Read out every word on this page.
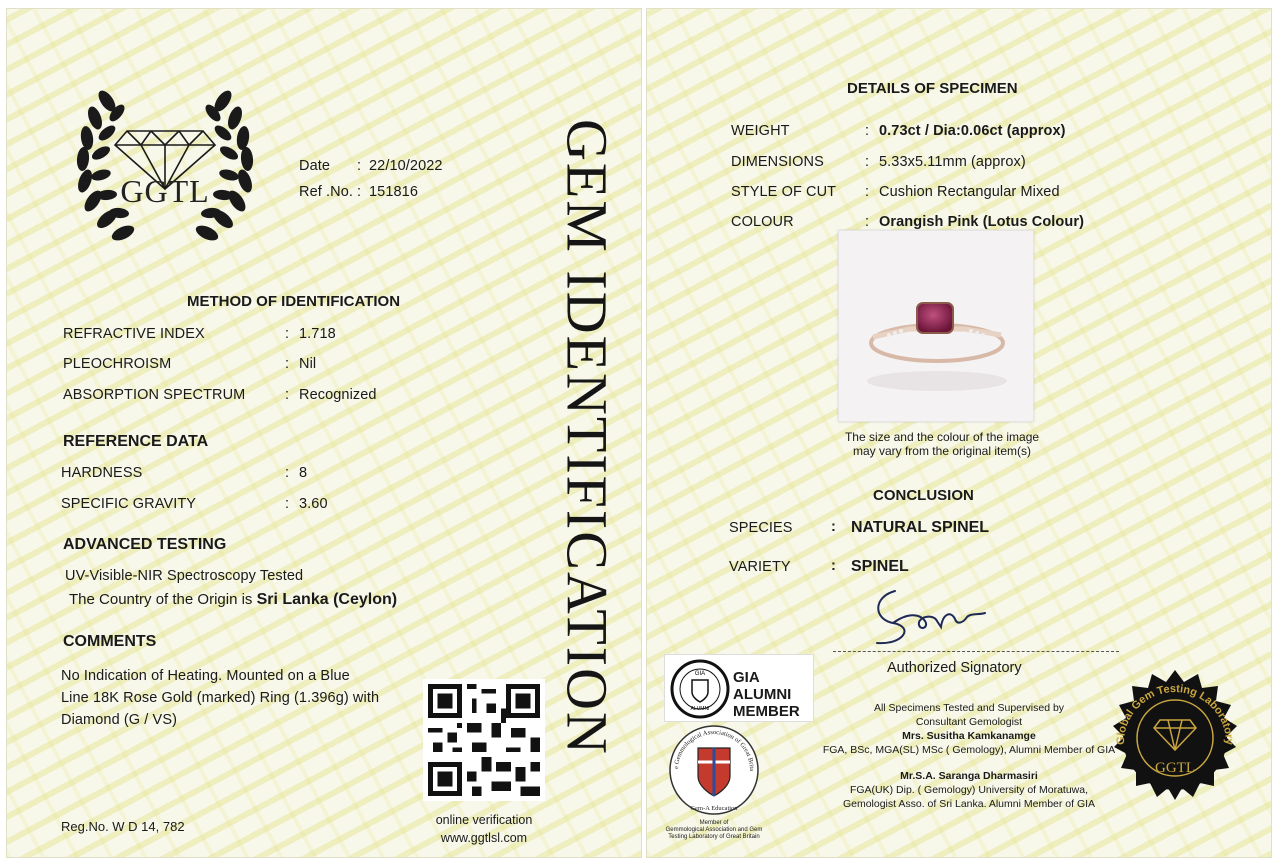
GGTL
Date : 22/10/2022
Ref .No. : 151816
METHOD OF IDENTIFICATION
REFRACTIVE INDEX	: 1.718
PLEOCHROISM	: Nil
ABSORPTION SPECTRUM	: Recognized
REFERENCE DATA
HARDNESS	: 8
SPECIFIC GRAVITY	: 3.60
ADVANCED TESTING
UV-Visible-NIR Spectroscopy Tested
The Country of the Origin is Sri Lanka (Ceylon)
COMMENTS
No Indication of Heating. Mounted on a Blue
Line 18K Rose Gold (marked) Ring (1.396g) with
Diamond (G / VS)
online verification
www.ggtlsl.com
Reg.No. W D 14, 782
GEM IDENTIFICATION
DETAILS OF SPECIMEN
WEIGHT	: 0.73ct / Dia:0.06ct (approx)
DIMENSIONS	: 5.33x5.11mm (approx)
STYLE OF CUT : Cushion Rectangular Mixed
COLOUR	: Orangish Pink (Lotus Colour)
The size and the colour of the image
may vary from the original item(s)
CONCLUSION
SPECIES	: NATURAL SPINEL
VARIETY	: SPINEL
Authorized Signatory
All Specimens Tested and Supervised by
Consultant Gemologist
Mrs. Susitha Kamkanamge
FGA, BSc, MGA(SL) MSc ( Gemology), Alumni Member of GIA
Mr.S.A. Saranga Dharmasiri
FGA(UK) Dip. ( Gemology) University of Moratuwa,
Gemologist Asso. of Sri Lanka. Alumni Member of GIA
GIA
ALUMNI
GIA ALUMNI
MEMBER
e Gemmological Association of Great Brita
Gem-A Education
Member of
Gemmological Association and Gem
Testing Laboratory of Great Britain
Global Gem Testing Laboratory
GGTL
